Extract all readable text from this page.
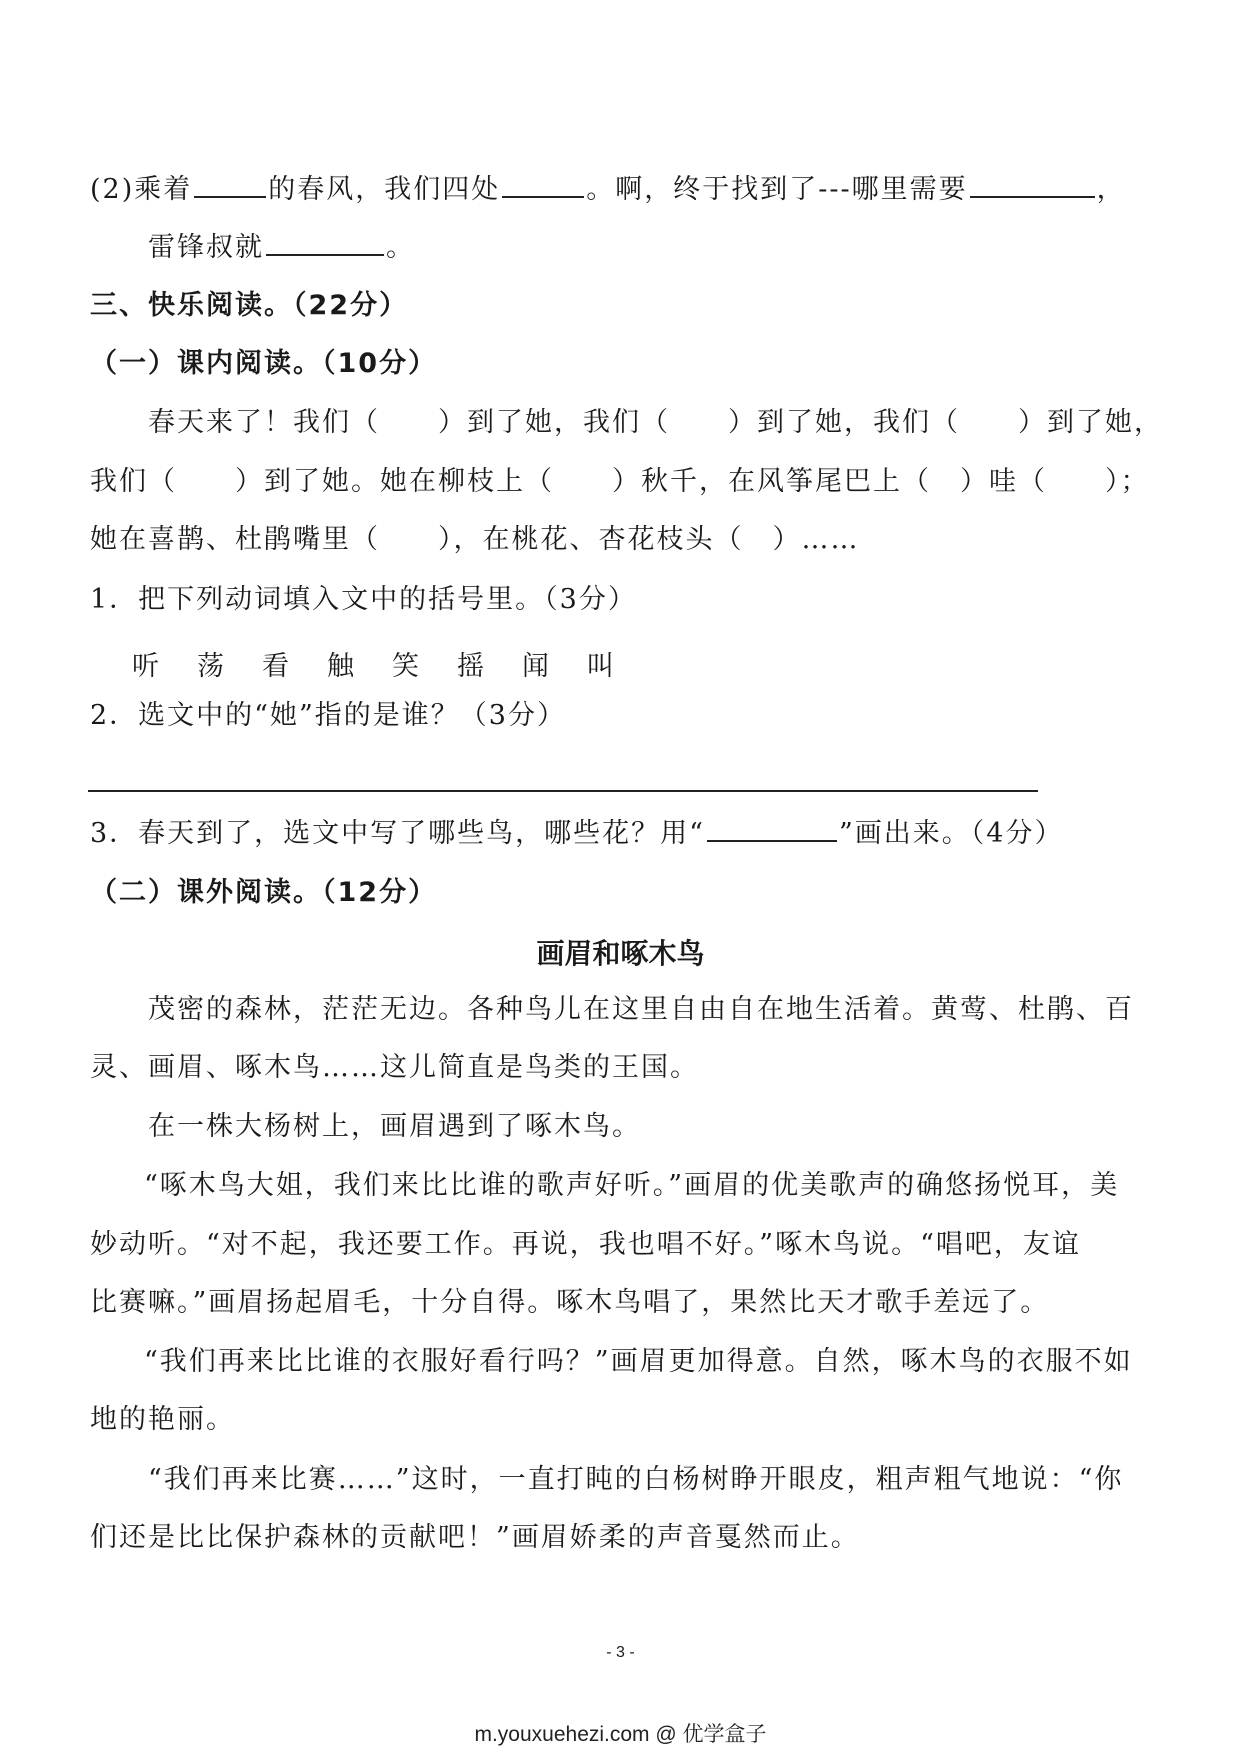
(2)乘着	的春风，我们四处	。啊，终于找到了---哪里需要	，
雷锋叔就	。
三、快乐阅读。（22分）
（一）课内阅读。（10分）
春天来了！我们（　　）到了她，我们（　　）到了她，我们（　　）到了她，
我们（　　）到了她。她在柳枝上（　　）秋千，在风筝尾巴上（　）哇（　　）；
她在喜鹊、杜鹃嘴里（　　），在桃花、杏花枝头（　）……
1．把下列动词填入文中的括号里。（3分）
听	荡	看	触	笑	摇	闻	叫
2．选文中的“她”指的是谁？（3分）
3．春天到了，选文中写了哪些鸟，哪些花？用“	”画出来。（4分）
（二）课外阅读。（12分）
画眉和啄木鸟
茂密的森林，茫茫无边。各种鸟儿在这里自由自在地生活着。黄莺、杜鹃、百
灵、画眉、啄木鸟……这儿简直是鸟类的王国。
在一株大杨树上，画眉遇到了啄木鸟。
“啄木鸟大姐，我们来比比谁的歌声好听。”画眉的优美歌声的确悠扬悦耳，美
妙动听。“对不起，我还要工作。再说，我也唱不好。”啄木鸟说。“唱吧，友谊
比赛嘛。”画眉扬起眉毛，十分自得。啄木鸟唱了，果然比天才歌手差远了。
“我们再来比比谁的衣服好看行吗？”画眉更加得意。自然，啄木鸟的衣服不如
地的艳丽。
“我们再来比赛……”这时，一直打盹的白杨树睁开眼皮，粗声粗气地说：“你
们还是比比保护森林的贡献吧！”画眉娇柔的声音戛然而止。
- 3 -
m.youxuehezi.com @ 优学盒子
